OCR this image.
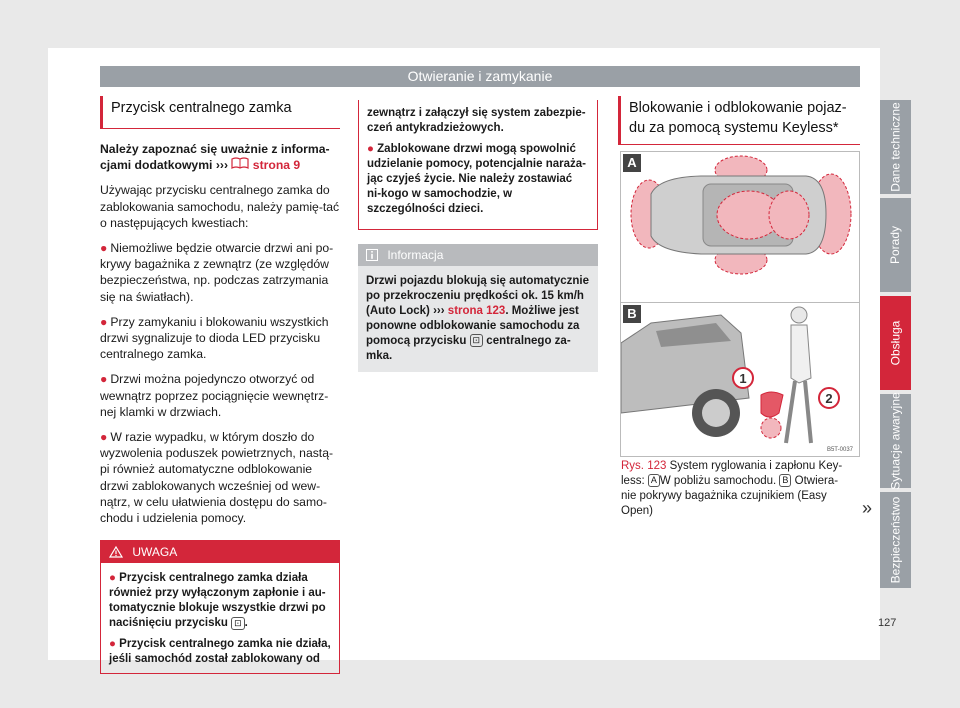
Otwieranie i zamykanie
Przycisk centralnego zamka

Należy zapoznać się uważnie z informa-cjami dodatkowymi ››› strona 9

Używając przycisku centralnego zamka do zablokowania samochodu, należy pamię-tać o następujących kwestiach:

● Niemożliwe będzie otwarcie drzwi ani po-krywy bagażnika z zewnątrz (ze względów bezpieczeństwa, np. podczas zatrzymania się na światłach).

● Przy zamykaniu i blokowaniu wszystkich drzwi sygnalizuje to dioda LED przycisku centralnego zamka.

● Drzwi można pojedynczo otworzyć od wewnątrz poprzez pociągnięcie wewnętrz-nej klamki w drzwiach.

● W razie wypadku, w którym doszło do wyzwolenia poduszek powietrznych, nastą-pi również automatyczne odblokowanie drzwi zablokowanych wcześniej od wew-nątrz, w celu ułatwienia dostępu do samo-chodu i udzielenia pomocy.

UWAGA

● Przycisk centralnego zamka działa również przy wyłączonym zapłonie i au-tomatycznie blokuje wszystkie drzwi po naciśnięciu przycisku ⊡ .

● Przycisk centralnego zamka nie działa, jeśli samochód został zablokowany od

zewnątrz i załączył się system zabezpie-czeń antykradzieżowych.

● Zablokowane drzwi mogą spowolnić udzielanie pomocy, potencjalnie naraża-jąc czyjeś życie. Nie należy zostawiać ni-kogo w samochodzie, w szczególności dzieci.

Informacja
Drzwi pojazdu blokują się automatycznie po przekroczeniu prędkości ok. 15 km/h (Auto Lock) ››› strona 123. Możliwe jest ponowne odblokowanie samochodu za pomocą przycisku ⊡ centralnego za-mka.
Blokowanie i odblokowanie pojaz-du za pomocą systemu Keyless*
A
B
1
2
B5T-0037
Rys. 123 System ryglowania i zapłonu Key-less: A W pobliżu samochodu. B Otwiera-nie pokrywy bagażnika czujnikiem (Easy Open)	»
Dane techniczne
Porady
Obsługa
Sytuacje awaryjne
Bezpieczeństwo
127
